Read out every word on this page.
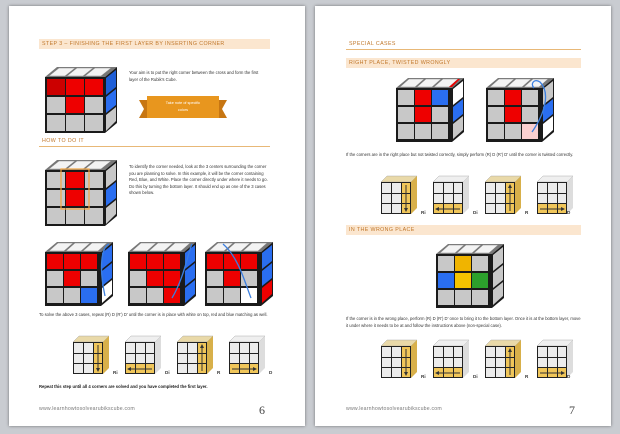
STEP 3 – FINISHING THE FIRST LAYER BY INSERTING CORNER
Your aim is to put the right corner between the cross and form the first layer of the Rubik's Cube.
Take note of specific
colors
HOW TO DO IT
To identify the corner needed, look at the 3 centers surrounding the corner you are planning to solve. In this example, it will be the corner containing Red, Blue, and White. Place the corner directly under where it needs to go. Do this by turning the bottom layer. It should end up as one of the 3 cases shown below.
To solve the above 3 cases, repeat (R) D (R') D' until the corner is in place with white on top, red and blue matching as well.
Ri	Di	R	D
Repeat this step until all 4 corners are solved and you have completed the first layer.
www.learnhowtosolvearubikscube.com	6
SPECIAL CASES
RIGHT PLACE, TWISTED WRONGLY
If the corners are in the right place but not twisted correctly, simply perform (R) D (R') D' until the corner is twisted correctly.
Ri	Di	R	D
IN THE WRONG PLACE
If the corner is in the wrong place, perform (R) D (R') D' once to bring it to the bottom layer. Once it is at the bottom layer, move it under where it needs to be at and follow the instructions above (non-special case).
Ri	Di	R	D
www.learnhowtosolvearubikscube.com	7
